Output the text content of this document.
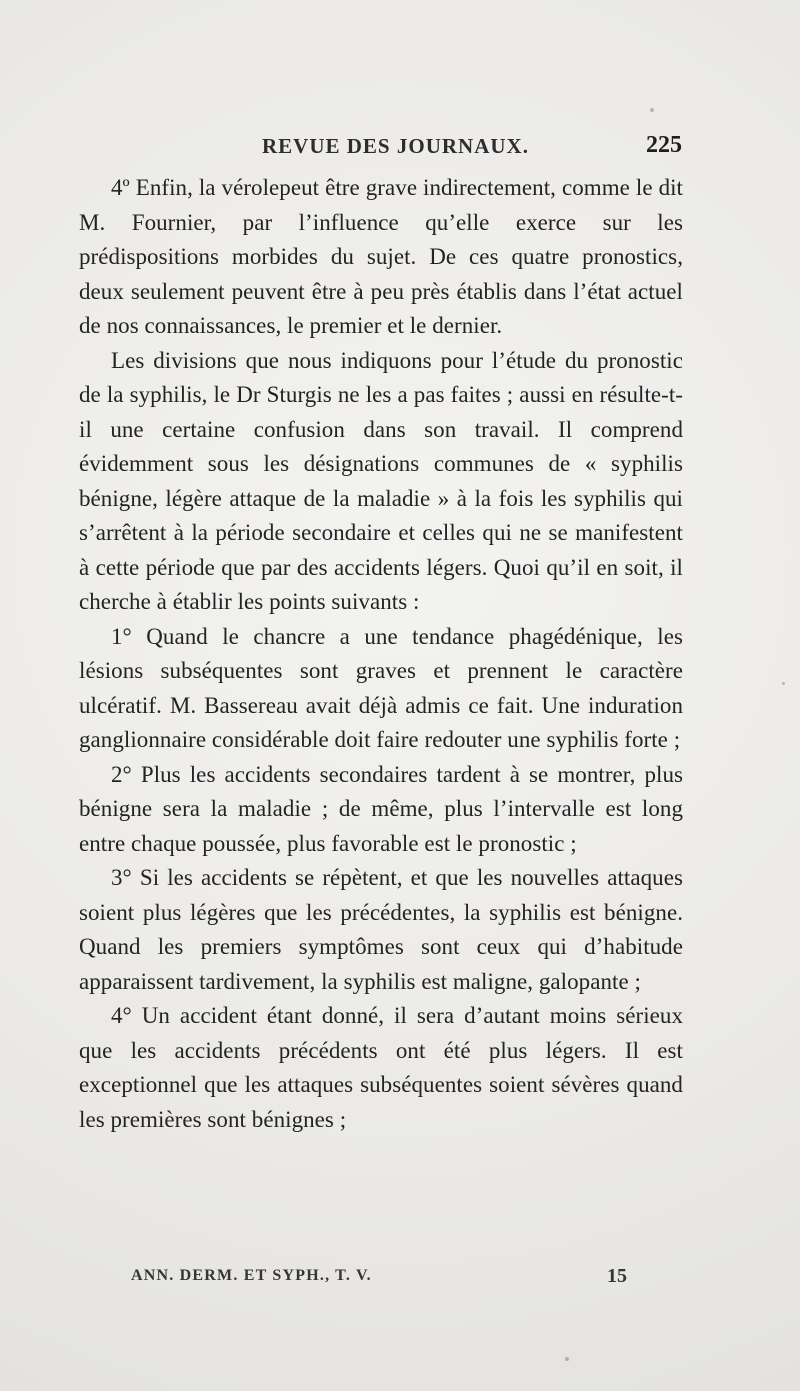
REVUE DES JOURNAUX.	225

4º Enfin, la vérolepeut être grave indirectement, comme le dit M. Fournier, par l’influence qu’elle exerce sur les prédispositions morbides du sujet. De ces quatre pronostics, deux seulement peuvent être à peu près établis dans l’état actuel de nos connaissances, le premier et le dernier.

Les divisions que nous indiquons pour l’étude du pronostic de la syphilis, le Dr Sturgis ne les a pas faites ; aussi en résulte-t-il une certaine confusion dans son travail. Il comprend évidemment sous les désignations communes de « syphilis bénigne, légère attaque de la maladie » à la fois les syphilis qui s’arrêtent à la période secondaire et celles qui ne se manifestent à cette période que par des accidents légers. Quoi qu’il en soit, il cherche à établir les points suivants :

1° Quand le chancre a une tendance phagédénique, les lésions subséquentes sont graves et prennent le caractère ulcératif. M. Bassereau avait déjà admis ce fait. Une induration ganglionnaire considérable doit faire redouter une syphilis forte ;

2° Plus les accidents secondaires tardent à se montrer, plus bénigne sera la maladie ; de même, plus l’intervalle est long entre chaque poussée, plus favorable est le pronostic ;

3° Si les accidents se répètent, et que les nouvelles attaques soient plus légères que les précédentes, la syphilis est bénigne. Quand les premiers symptômes sont ceux qui d’habitude apparaissent tardivement, la syphilis est maligne, galopante ;

4° Un accident étant donné, il sera d’autant moins sérieux que les accidents précédents ont été plus légers. Il est exceptionnel que les attaques subséquentes soient sévères quand les premières sont bénignes ;

ANN. DERM. ET SYPH., T. V.	15
